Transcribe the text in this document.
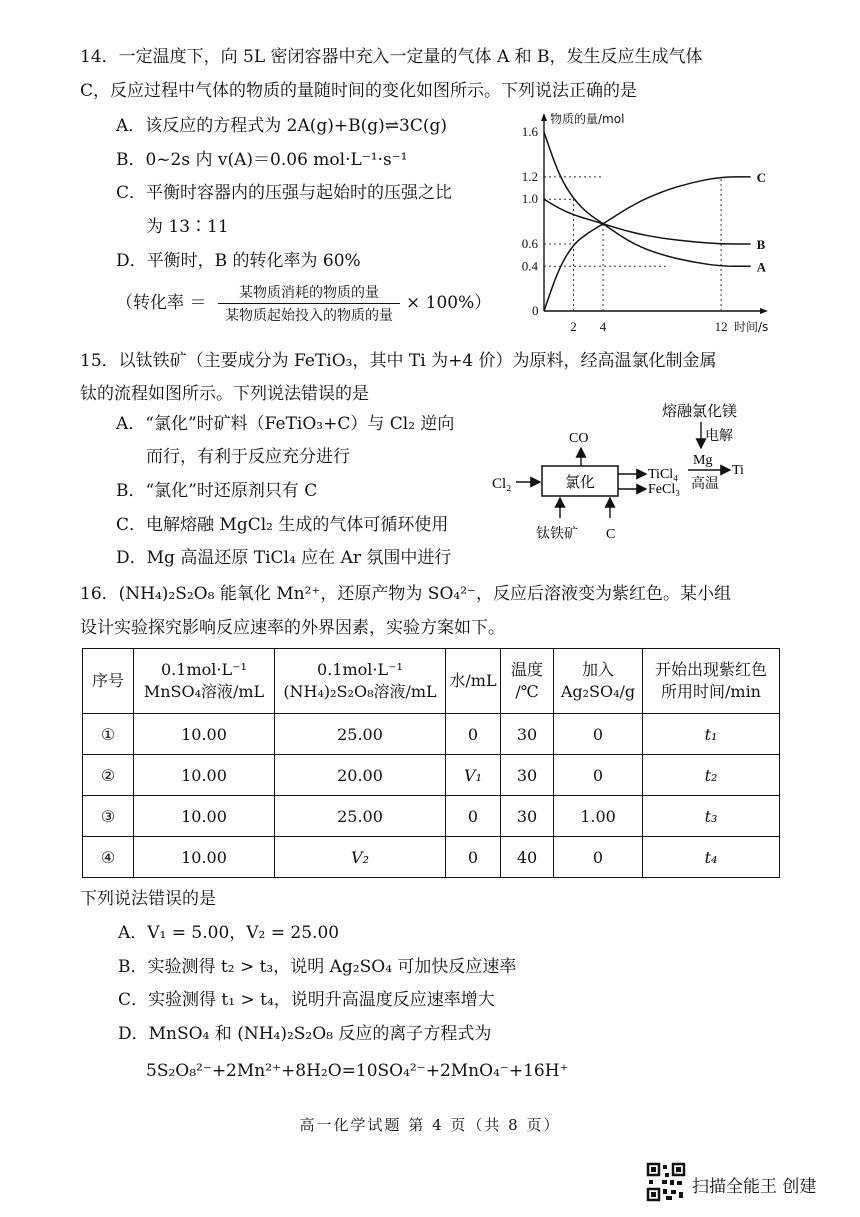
14．一定温度下，向 5L 密闭容器中充入一定量的气体 A 和 B，发生反应生成气体
C，反应过程中气体的物质的量随时间的变化如图所示。下列说法正确的是
A．该反应的方程式为 2A(g)+B(g)⇌3C(g)
B．0~2s 内 v(A)＝0.06 mol·L⁻¹·s⁻¹
C．平衡时容器内的压强与起始时的压强之比
为 13∶11
D．平衡时，B 的转化率为 60%
（转化率 ＝	某物质消耗的物质的量
某物质起始投入的物质的量
× 100%）
物质的量/mol
时间/s
0
0.4
0.6
1.0
1.2
1.6
2 4	12
A
B
C
15．以钛铁矿（主要成分为 FeTiO₃，其中 Ti 为+4 价）为原料，经高温氯化制金属
钛的流程如图所示。下列说法错误的是
A．“氯化”时矿料（FeTiO₃+C）与 Cl₂ 逆向
而行，有利于反应充分进行
B．“氯化”时还原剂只有 C
C．电解熔融 MgCl₂ 生成的气体可循环使用
D．Mg 高温还原 TiCl₄ 应在 Ar 氛围中进行
熔融氯化镁
电解
CO
Cl₂	氯化	TiCl₄
FeCl₃
Mg
高温
Ti
钛铁矿 C
16．(NH₄)₂S₂O₈ 能氧化 Mn²⁺，还原产物为 SO₄²⁻，反应后溶液变为紫红色。某小组
设计实验探究影响反应速率的外界因素，实验方案如下。
序号	0.1mol·L⁻¹
MnSO₄溶液/mL	0.1mol·L⁻¹
(NH₄)₂S₂O₈溶液/mL	水/mL	温度
/℃	加入
Ag₂SO₄/g	开始出现紫红色
所用时间/min
①	10.00	25.00	0	30	0	t₁
②	10.00	20.00	V₁	30	0	t₂
③	10.00	25.00	0	30	1.00	t₃
④	10.00	V₂	0	40	0	t₄
下列说法错误的是
A．V₁ = 5.00，V₂ = 25.00
B．实验测得 t₂ > t₃，说明 Ag₂SO₄ 可加快反应速率
C．实验测得 t₁ > t₄，说明升高温度反应速率增大
D．MnSO₄ 和 (NH₄)₂S₂O₈ 反应的离子方程式为
5S₂O₈²⁻+2Mn²⁺+8H₂O=10SO₄²⁻+2MnO₄⁻+16H⁺
高一化学试题 第 4 页（共 8 页）
扫描全能王 创建
